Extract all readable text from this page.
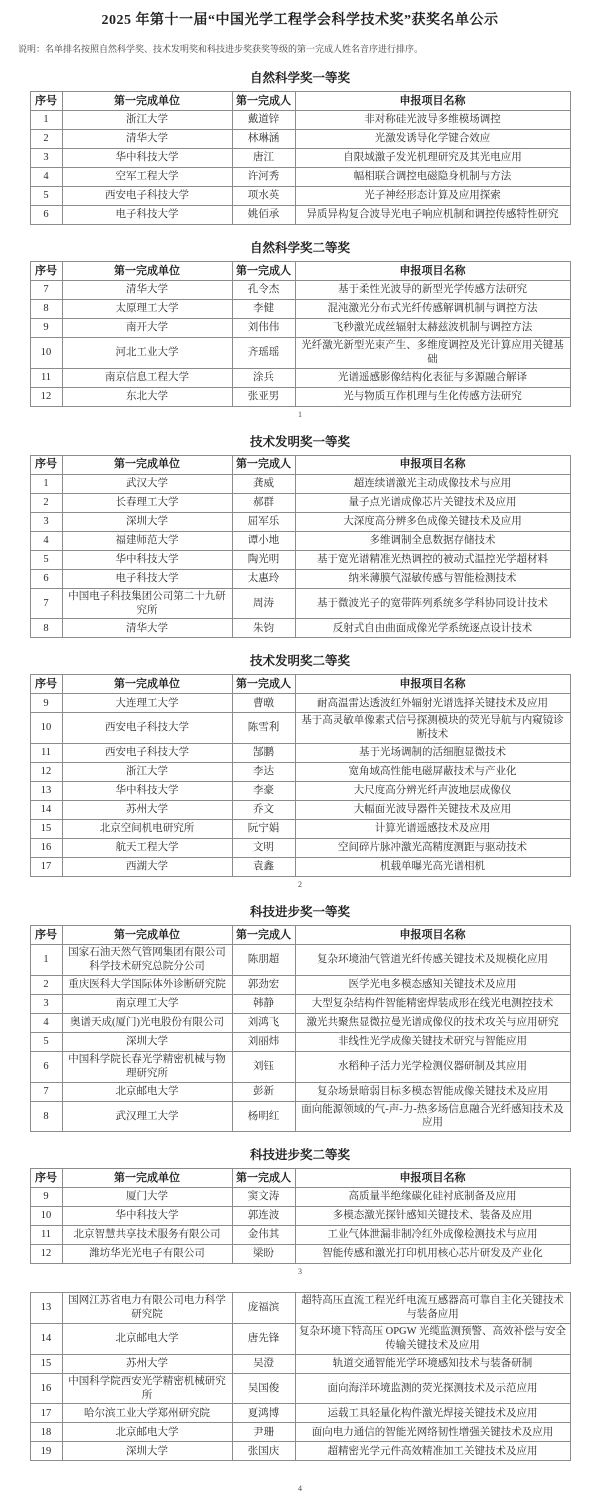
2025 年第十一届“中国光学工程学会科学技术奖”获奖名单公示
说明：名单排名按照自然科学奖、技术发明奖和科技进步奖获奖等级的第一完成人姓名音序进行排序。
自然科学奖一等奖
序号	第一完成单位	第一完成人	申报项目名称
1	浙江大学	戴道锌	非对称硅光波导多维模场调控
2	清华大学	林琳涵	光激发诱导化学键合效应
3	华中科技大学	唐江	自限域激子发光机理研究及其光电应用
4	空军工程大学	许河秀	幅相联合调控电磁隐身机制与方法
5	西安电子科技大学	项水英	光子神经形态计算及应用探索
6	电子科技大学	姚佰承	异质异构复合波导光电子响应机制和调控传感特性研究
自然科学奖二等奖
序号	第一完成单位	第一完成人	申报项目名称
7	清华大学	孔令杰	基于柔性光波导的新型光学传感方法研究
8	太原理工大学	李健	混沌激光分布式光纤传感解调机制与调控方法
9	南开大学	刘伟伟	飞秒激光成丝辐射太赫兹波机制与调控方法
10	河北工业大学	齐瑶瑶	光纤激光新型光束产生、多维度调控及光计算应用关键基础
11	南京信息工程大学	涂兵	光谱遥感影像结构化表征与多源融合解译
12	东北大学	张亚男	光与物质互作机理与生化传感方法研究
1
技术发明奖一等奖
序号	第一完成单位	第一完成人	申报项目名称
1	武汉大学	龚威	超连续谱激光主动成像技术与应用
2	长春理工大学	郝群	量子点光谱成像芯片关键技术及应用
3	深圳大学	屈军乐	大深度高分辨多色成像关键技术及应用
4	福建师范大学	谭小地	多维调制全息数据存储技术
5	华中科技大学	陶光明	基于宽光谱精准光热调控的被动式温控光学超材料
6	电子科技大学	太惠玲	纳米薄膜气湿敏传感与智能检测技术
7	中国电子科技集团公司第二十九研究所	周涛	基于微波光子的宽带阵列系统多学科协同设计技术
8	清华大学	朱钧	反射式自由曲面成像光学系统逐点设计技术
技术发明奖二等奖
序号	第一完成单位	第一完成人	申报项目名称
9	大连理工大学	曹暾	耐高温雷达透波红外辐射光谱选择关键技术及应用
10	西安电子科技大学	陈雪利	基于高灵敏单像素式信号探测模块的荧光导航与内窥镜诊断技术
11	西安电子科技大学	郜鹏	基于光场调制的活细胞显微技术
12	浙江大学	李达	宽角域高性能电磁屏蔽技术与产业化
13	华中科技大学	李豪	大尺度高分辨光纤声波地层成像仪
14	苏州大学	乔文	大幅面光波导器件关键技术及应用
15	北京空间机电研究所	阮宁娟	计算光谱遥感技术及应用
16	航天工程大学	文明	空间碎片脉冲激光高精度测距与驱动技术
17	西湖大学	袁鑫	机载单曝光高光谱相机
2
科技进步奖一等奖
序号	第一完成单位	第一完成人	申报项目名称
1	国家石油天然气管网集团有限公司科学技术研究总院分公司	陈朋超	复杂环境油气管道光纤传感关键技术及规模化应用
2	重庆医科大学国际体外诊断研究院	郭劲宏	医学光电多模态感知关键技术及应用
3	南京理工大学	韩静	大型复杂结构件智能精密焊装成形在线光电测控技术
4	奥谱天成(厦门)光电股份有限公司	刘鸿飞	激光共聚焦显微拉曼光谱成像仪的技术攻关与应用研究
5	深圳大学	刘丽炜	非线性光学成像关键技术研究与智能应用
6	中国科学院长春光学精密机械与物理研究所	刘钰	水稻种子活力光学检测仪器研制及其应用
7	北京邮电大学	彭新	复杂场景暗弱目标多模态智能成像关键技术及应用
8	武汉理工大学	杨明红	面向能源领域的气-声-力-热多场信息融合光纤感知技术及应用
科技进步奖二等奖
序号	第一完成单位	第一完成人	申报项目名称
9	厦门大学	窦文涛	高质量半绝缘碳化硅衬底制备及应用
10	华中科技大学	郭连波	多模态激光探针感知关键技术、装备及应用
11	北京智慧共享技术服务有限公司	金伟其	工业气体泄漏非制冷红外成像检测技术与应用
12	潍坊华光光电子有限公司	梁盼	智能传感和激光打印机用核心芯片研发及产业化
3
13	国网江苏省电力有限公司电力科学研究院	庞福滨	超特高压直流工程光纤电流互感器高可靠自主化关键技术与装备应用
14	北京邮电大学	唐先锋	复杂环境下特高压 OPGW 光缆监测预警、高效补偿与安全传输关键技术及应用
15	苏州大学	吴澄	轨道交通智能光学环境感知技术与装备研制
16	中国科学院西安光学精密机械研究所	吴国俊	面向海洋环境监测的荧光探测技术及示范应用
17	哈尔滨工业大学郑州研究院	夏鸿博	运载工具轻量化构件激光焊接关键技术及应用
18	北京邮电大学	尹珊	面向电力通信的智能光网络韧性增强关键技术及应用
19	深圳大学	张国庆	超精密光学元件高效精准加工关键技术及应用
4
